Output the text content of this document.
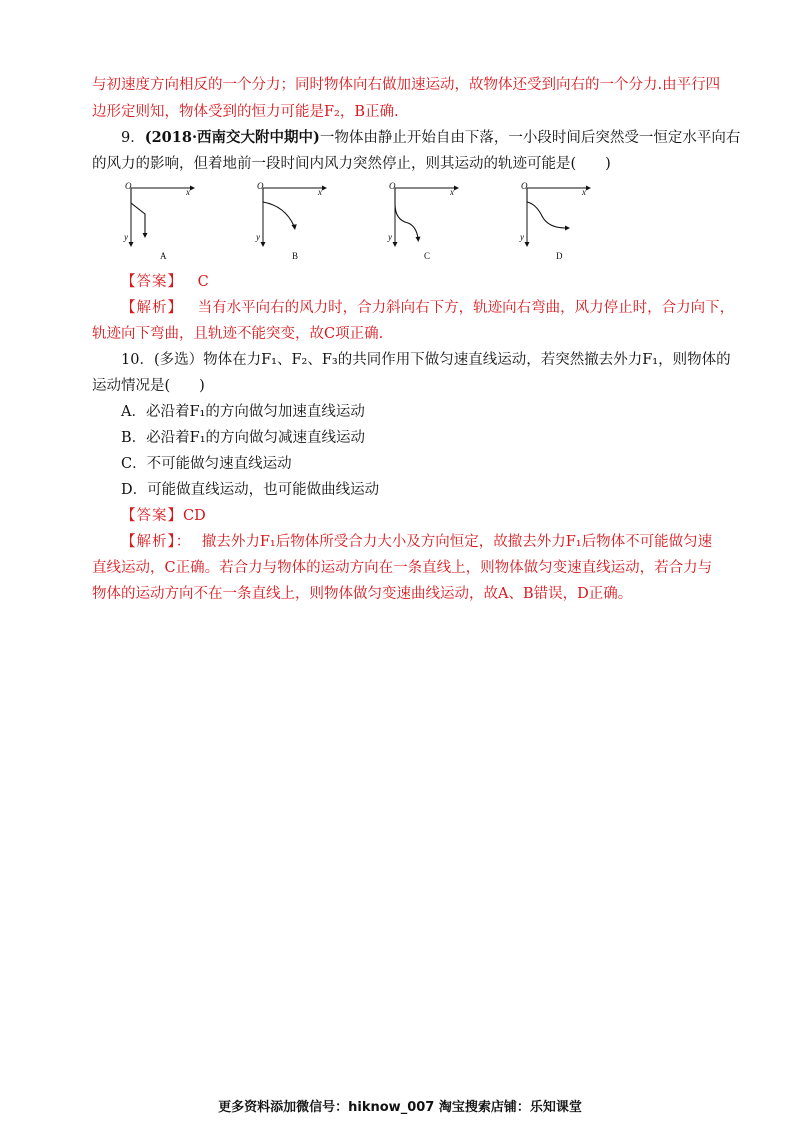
与初速度方向相反的一个分力；同时物体向右做加速运动，故物体还受到向右的一个分力.由平行四
边形定则知，物体受到的恒力可能是F₂，B正确.
9．(2018·西南交大附中期中)一物体由静止开始自由下落，一小段时间后突然受一恒定水平向右
的风力的影响，但着地前一段时间内风力突然停止，则其运动的轨迹可能是(　　)
O
x
y
A
O
x
y
B
O
x
y
C
O
x
y
D
【答案】 C
【解析】 当有水平向右的风力时，合力斜向右下方，轨迹向右弯曲，风力停止时，合力向下，
轨迹向下弯曲，且轨迹不能突变，故C项正确.
10．(多选）物体在力F₁、F₂、F₃的共同作用下做匀速直线运动，若突然撤去外力F₁，则物体的
运动情况是(　　)
A．必沿着F₁的方向做匀加速直线运动
B．必沿着F₁的方向做匀减速直线运动
C．不可能做匀速直线运动
D．可能做直线运动，也可能做曲线运动
【答案】CD
【解析】： 撤去外力F₁后物体所受合力大小及方向恒定，故撤去外力F₁后物体不可能做匀速
直线运动，C正确。若合力与物体的运动方向在一条直线上，则物体做匀变速直线运动，若合力与
物体的运动方向不在一条直线上，则物体做匀变速曲线运动，故A、B错误，D正确。
更多资料添加微信号：hiknow_007 淘宝搜索店铺：乐知课堂
